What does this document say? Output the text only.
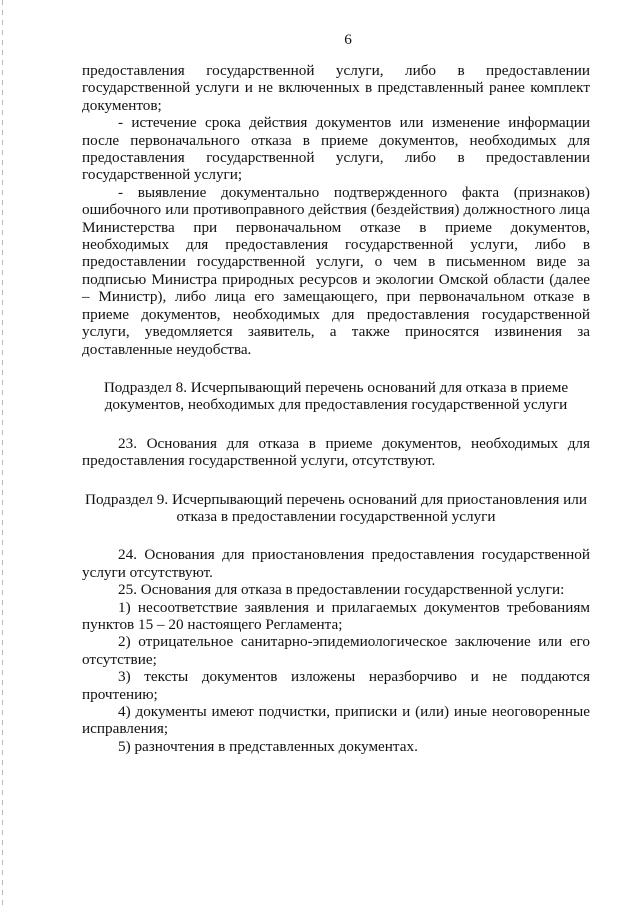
6

предоставления государственной услуги, либо в предоставлении государственной услуги и не включенных в представленный ранее комплект документов;

- истечение срока действия документов или изменение информации после первоначального отказа в приеме документов, необходимых для предоставления государственной услуги, либо в предоставлении государственной услуги;

- выявление документально подтвержденного факта (признаков) ошибочного или противоправного действия (бездействия) должностного лица Министерства при первоначальном отказе в приеме документов, необходимых для предоставления государственной услуги, либо в предоставлении государственной услуги, о чем в письменном виде за подписью Министра природных ресурсов и экологии Омской области (далее – Министр), либо лица его замещающего, при первоначальном отказе в приеме документов, необходимых для предоставления государственной услуги, уведомляется заявитель, а также приносятся извинения за доставленные неудобства.

Подраздел 8. Исчерпывающий перечень оснований для отказа в приеме документов, необходимых для предоставления государственной услуги

23. Основания для отказа в приеме документов, необходимых для предоставления государственной услуги, отсутствуют.

Подраздел 9. Исчерпывающий перечень оснований для приостановления или отказа в предоставлении государственной услуги

24. Основания для приостановления предоставления государственной услуги отсутствуют.

25. Основания для отказа в предоставлении государственной услуги:

1) несоответствие заявления и прилагаемых документов требованиям пунктов 15 – 20 настоящего Регламента;

2) отрицательное санитарно-эпидемиологическое заключение или его отсутствие;

3) тексты документов изложены неразборчиво и не поддаются прочтению;

4) документы имеют подчистки, приписки и (или) иные неоговоренные исправления;

5) разночтения в представленных документах.
